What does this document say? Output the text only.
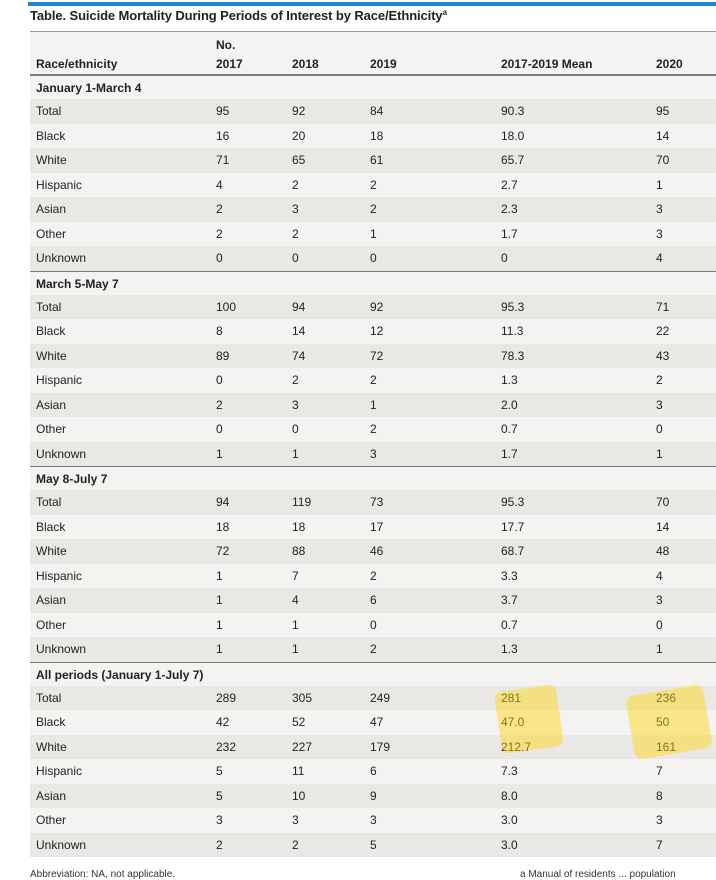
Table. Suicide Mortality During Periods of Interest by Race/Ethnicity$^a$
No.
Race/ethnicity	2017	2018	2019	2017-2019 Mean	2020
January 1-March 4
Total	95	92	84	90.3	95
Black	16	20	18	18.0	14
White	71	65	61	65.7	70
Hispanic	4	2	2	2.7	1
Asian	2	3	2	2.3	3
Other	2	2	1	1.7	3
Unknown	0	0	0	0	4
March 5-May 7
Total	100	94	92	95.3	71
Black	8	14	12	11.3	22
White	89	74	72	78.3	43
Hispanic	0	2	2	1.3	2
Asian	2	3	1	2.0	3
Other	0	0	2	0.7	0
Unknown	1	1	3	1.7	1
May 8-July 7
Total	94	119	73	95.3	70
Black	18	18	17	17.7	14
White	72	88	46	68.7	48
Hispanic	1	7	2	3.3	4
Asian	1	4	6	3.7	3
Other	1	1	0	0.7	0
Unknown	1	1	2	1.3	1
All periods (January 1-July 7)
Total	289	305	249	281	236
Black	42	52	47	47.0	50
White	232	227	179	212.7	161
Hispanic	5	11	6	7.3	7
Asian	5	10	9	8.0	8
Other	3	3	3	3.0	3
Unknown	2	2	5	3.0	7
Abbreviation: NA, not applicable.	a Manual of residents ... population
